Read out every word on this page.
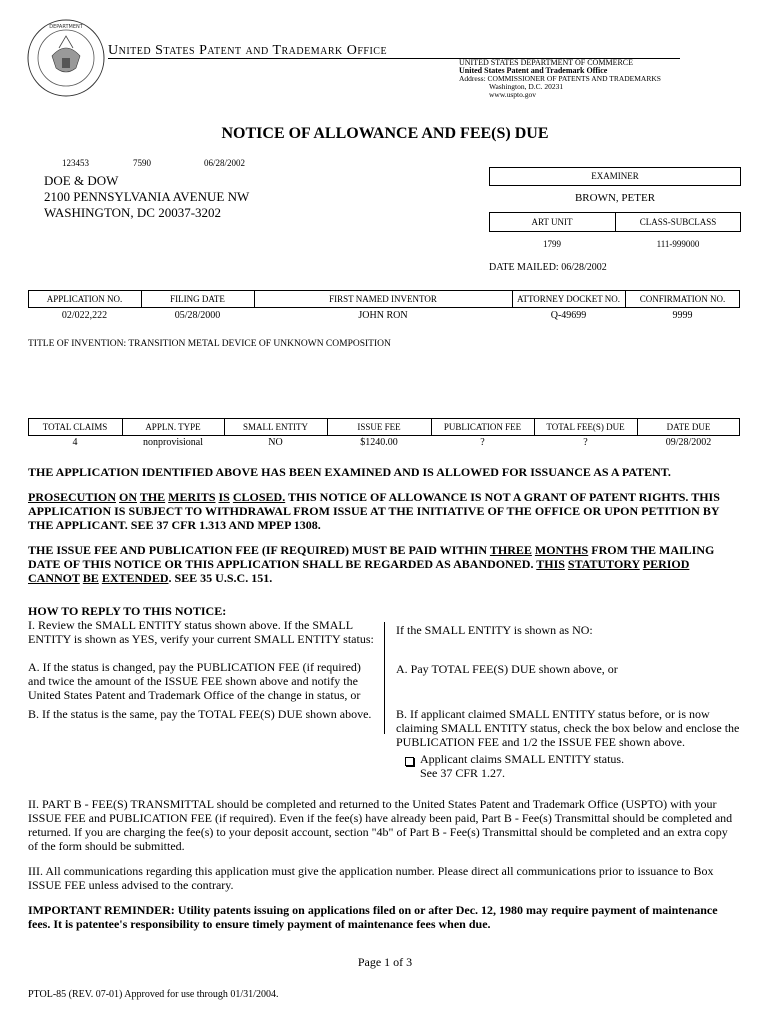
DEPARTMENT
United States Patent and Trademark Office
UNITED STATES DEPARTMENT OF COMMERCE
United States Patent and Trademark Office
Address: COMMISSIONER OF PATENTS AND TRADEMARKS
Washington, D.C. 20231
www.uspto.gov
NOTICE OF ALLOWANCE AND FEE(S) DUE
123453	7590	06/28/2002
DOE & DOW
2100 PENNSYLVANIA AVENUE NW
WASHINGTON, DC 20037-3202
EXAMINER
BROWN, PETER
ART UNIT	CLASS-SUBCLASS
1799	111-999000
DATE MAILED: 06/28/2002
APPLICATION NO.	FILING DATE	FIRST NAMED INVENTOR	ATTORNEY DOCKET NO.	CONFIRMATION NO.
02/022,222	05/28/2000	JOHN RON	Q-49699	9999
TITLE OF INVENTION: TRANSITION METAL DEVICE OF UNKNOWN COMPOSITION
TOTAL CLAIMS	APPLN. TYPE	SMALL ENTITY	ISSUE FEE	PUBLICATION FEE	TOTAL FEE(S) DUE	DATE DUE
4	nonprovisional	NO	$1240.00	?	?	09/28/2002
THE APPLICATION IDENTIFIED ABOVE HAS BEEN EXAMINED AND IS ALLOWED FOR ISSUANCE AS A PATENT.
PROSECUTION ON THE MERITS IS CLOSED. THIS NOTICE OF ALLOWANCE IS NOT A GRANT OF PATENT RIGHTS. THIS APPLICATION IS SUBJECT TO WITHDRAWAL FROM ISSUE AT THE INITIATIVE OF THE OFFICE OR UPON PETITION BY THE APPLICANT. SEE 37 CFR 1.313 AND MPEP 1308.
THE ISSUE FEE AND PUBLICATION FEE (IF REQUIRED) MUST BE PAID WITHIN THREE MONTHS FROM THE MAILING DATE OF THIS NOTICE OR THIS APPLICATION SHALL BE REGARDED AS ABANDONED. THIS STATUTORY PERIOD CANNOT BE EXTENDED. SEE 35 U.S.C. 151.
HOW TO REPLY TO THIS NOTICE:
I. Review the SMALL ENTITY status shown above. If the SMALL ENTITY is shown as YES, verify your current SMALL ENTITY status:
A. If the status is changed, pay the PUBLICATION FEE (if required) and twice the amount of the ISSUE FEE shown above and notify the United States Patent and Trademark Office of the change in status, or
B. If the status is the same, pay the TOTAL FEE(S) DUE shown above.
If the SMALL ENTITY is shown as NO:
A. Pay TOTAL FEE(S) DUE shown above, or
B. If applicant claimed SMALL ENTITY status before, or is now claiming SMALL ENTITY status, check the box below and enclose the PUBLICATION FEE and 1/2 the ISSUE FEE shown above.
Applicant claims SMALL ENTITY status.
See 37 CFR 1.27.
II. PART B - FEE(S) TRANSMITTAL should be completed and returned to the United States Patent and Trademark Office (USPTO) with your ISSUE FEE and PUBLICATION FEE (if required). Even if the fee(s) have already been paid, Part B - Fee(s) Transmittal should be completed and returned. If you are charging the fee(s) to your deposit account, section "4b" of Part B - Fee(s) Transmittal should be completed and an extra copy of the form should be submitted.
III. All communications regarding this application must give the application number. Please direct all communications prior to issuance to Box ISSUE FEE unless advised to the contrary.
IMPORTANT REMINDER: Utility patents issuing on applications filed on or after Dec. 12, 1980 may require payment of maintenance fees. It is patentee's responsibility to ensure timely payment of maintenance fees when due.
Page 1 of 3
PTOL-85 (REV. 07-01) Approved for use through 01/31/2004.
